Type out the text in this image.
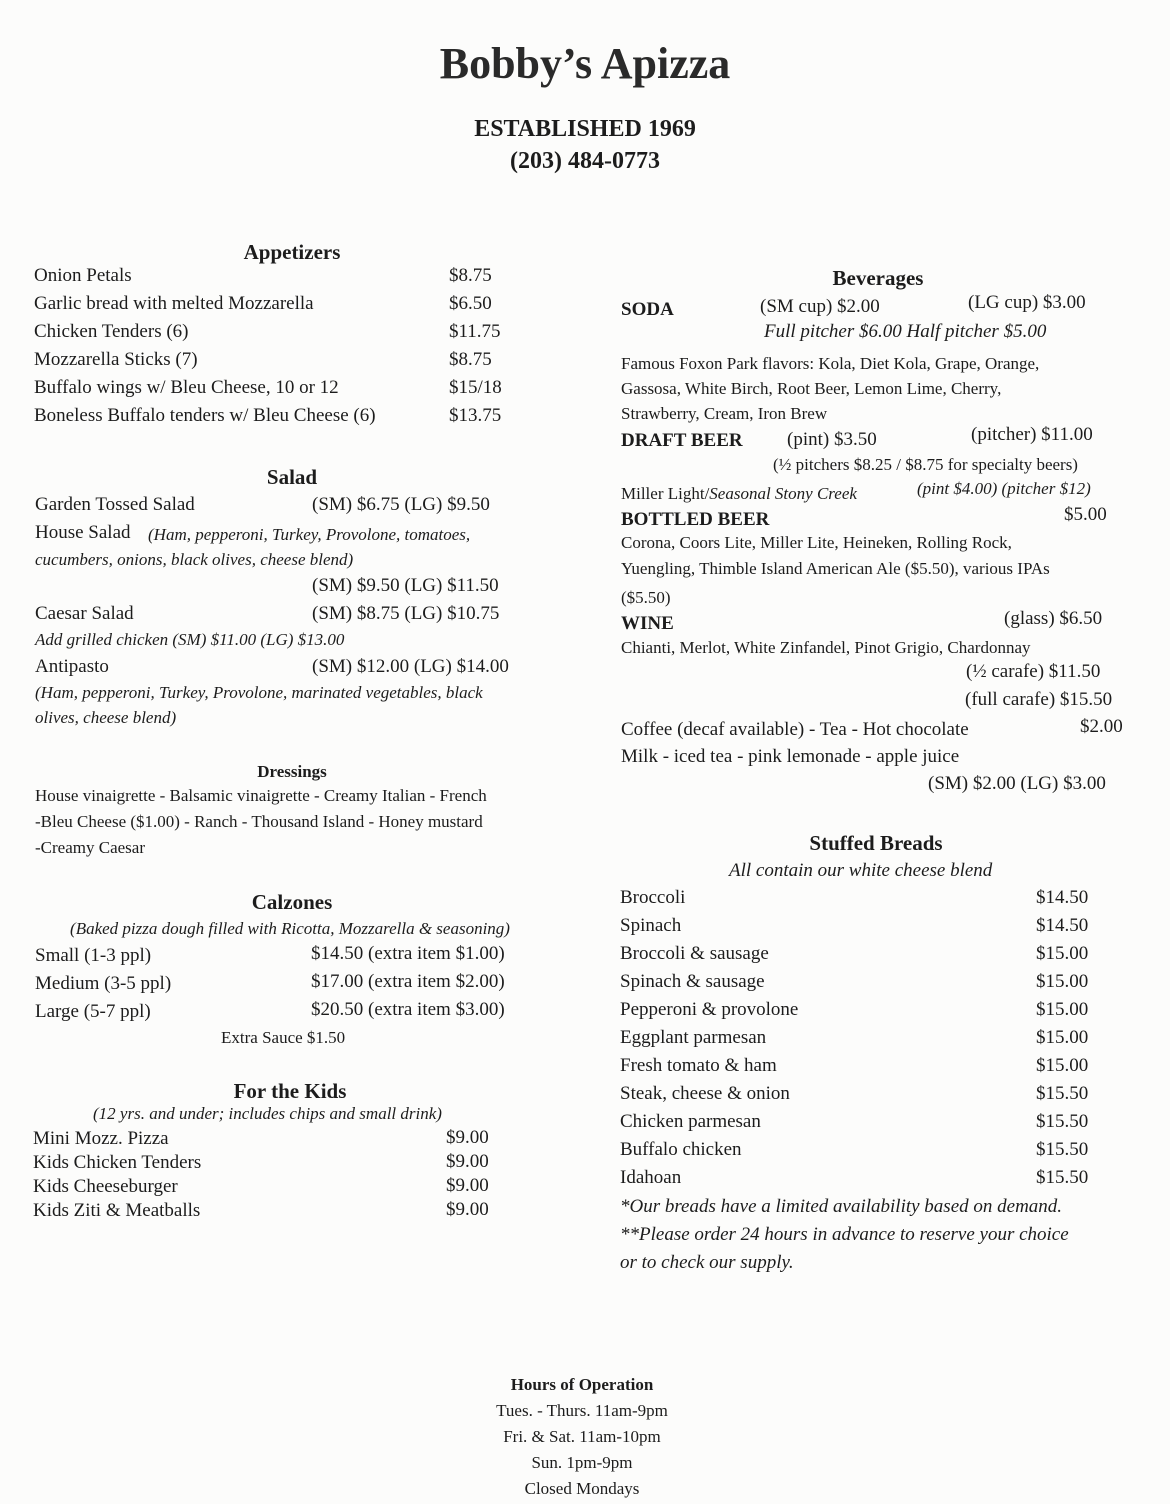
Bobby’s Apizza
ESTABLISHED 1969
(203) 484-0773
Appetizers
Onion Petals	$8.75
Garlic bread with melted Mozzarella	$6.50
Chicken Tenders (6)	$11.75
Mozzarella Sticks (7)	$8.75
Buffalo wings w/ Bleu Cheese, 10 or 12	$15/18
Boneless Buffalo tenders w/ Bleu Cheese (6)	$13.75
Salad
Garden Tossed Salad	(SM) $6.75 (LG) $9.50
House Salad (Ham, pepperoni, Turkey, Provolone, tomatoes,
cucumbers, onions, black olives, cheese blend)
(SM) $9.50 (LG) $11.50
Caesar Salad	(SM) $8.75 (LG) $10.75
Add grilled chicken (SM) $11.00 (LG) $13.00
Antipasto	(SM) $12.00 (LG) $14.00
(Ham, pepperoni, Turkey, Provolone, marinated vegetables, black
olives, cheese blend)
Dressings
House vinaigrette - Balsamic vinaigrette - Creamy Italian - French
-Bleu Cheese ($1.00) - Ranch - Thousand Island - Honey mustard
-Creamy Caesar
Calzones
(Baked pizza dough filled with Ricotta, Mozzarella & seasoning)
Small (1-3 ppl)	$14.50 (extra item $1.00)
Medium (3-5 ppl)	$17.00 (extra item $2.00)
Large (5-7 ppl)	$20.50 (extra item $3.00)
Extra Sauce $1.50
For the Kids
(12 yrs. and under; includes chips and small drink)
Mini Mozz. Pizza	$9.00
Kids Chicken Tenders	$9.00
Kids Cheeseburger	$9.00
Kids Ziti & Meatballs	$9.00
Beverages
SODA	(SM cup) $2.00	(LG cup) $3.00
Full pitcher $6.00 Half pitcher $5.00
Famous Foxon Park flavors: Kola, Diet Kola, Grape, Orange,
Gassosa, White Birch, Root Beer, Lemon Lime, Cherry,
Strawberry, Cream, Iron Brew
DRAFT BEER (pint) $3.50	(pitcher) $11.00
(½ pitchers $8.25 / $8.75 for specialty beers)
Miller Light/Seasonal Stony Creek	(pint $4.00) (pitcher $12)
BOTTLED BEER	$5.00
Corona, Coors Lite, Miller Lite, Heineken, Rolling Rock,
Yuengling, Thimble Island American Ale ($5.50), various IPAs
($5.50)
WINE	(glass) $6.50
Chianti, Merlot, White Zinfandel, Pinot Grigio, Chardonnay
(½ carafe) $11.50
(full carafe) $15.50
Coffee (decaf available) - Tea - Hot chocolate	$2.00
Milk - iced tea - pink lemonade - apple juice
(SM) $2.00 (LG) $3.00
Stuffed Breads
All contain our white cheese blend
Broccoli	$14.50
Spinach	$14.50
Broccoli & sausage	$15.00
Spinach & sausage	$15.00
Pepperoni & provolone	$15.00
Eggplant parmesan	$15.00
Fresh tomato & ham	$15.00
Steak, cheese & onion	$15.50
Chicken parmesan	$15.50
Buffalo chicken	$15.50
Idahoan	$15.50
*Our breads have a limited availability based on demand.
**Please order 24 hours in advance to reserve your choice
or to check our supply.
Hours of Operation
Tues. - Thurs. 11am-9pm
Fri. & Sat. 11am-10pm
Sun. 1pm-9pm
Closed Mondays
